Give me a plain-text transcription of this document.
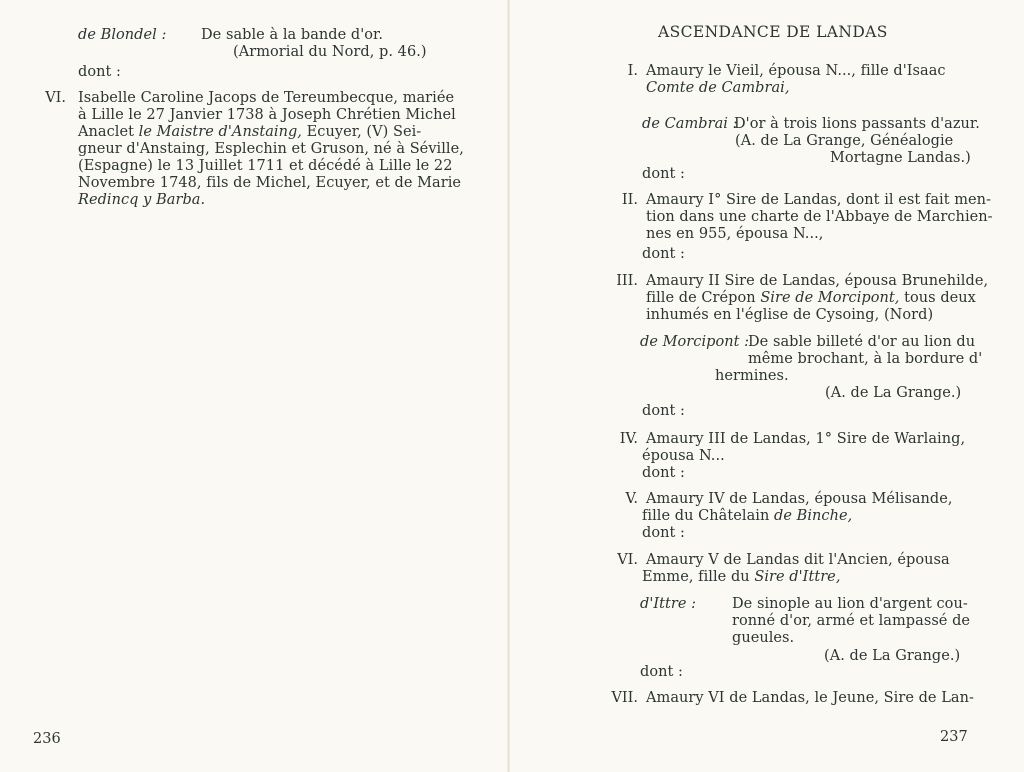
de Blondel : De sable à la bande d'or.
(Armorial du Nord, p. 46.)
dont :
VI. Isabelle Caroline Jacops de Tereumbecque, mariée
à Lille le 27 Janvier 1738 à Joseph Chrétien Michel
Anaclet le Maistre d'Anstaing, Ecuyer, (V) Sei-
gneur d'Anstaing, Esplechin et Gruson, né à Séville,
(Espagne) le 13 Juillet 1711 et décédé à Lille le 22
Novembre 1748, fils de Michel, Ecuyer, et de Marie
Redincq y Barba.
236
ASCENDANCE DE LANDAS
I. Amaury le Vieil, épousa N..., fille d'Isaac
Comte de Cambrai,
de Cambrai :
D'or à trois lions passants d'azur.
(A. de La Grange, Généalogie
Mortagne Landas.)
dont :
II. Amaury I° Sire de Landas, dont il est fait men-
tion dans une charte de l'Abbaye de Marchien-
nes en 955, épousa N...,
dont :
III. Amaury II Sire de Landas, épousa Brunehilde,
fille de Crépon Sire de Morcipont, tous deux
inhumés en l'église de Cysoing, (Nord)
de Morcipont :
De sable billeté d'or au lion du
même brochant, à la bordure d'
hermines.
(A. de La Grange.)
dont :
IV. Amaury III de Landas, 1° Sire de Warlaing,
épousa N...
dont :
V. Amaury IV de Landas, épousa Mélisande,
fille du Châtelain de Binche,
dont :
VI. Amaury V de Landas dit l'Ancien, épousa
Emme, fille du Sire d'Ittre,
d'Ittre : De sinople au lion d'argent cou-
ronné d'or, armé et lampassé de
gueules.
(A. de La Grange.)
dont :
VII. Amaury VI de Landas, le Jeune, Sire de Lan-
237
